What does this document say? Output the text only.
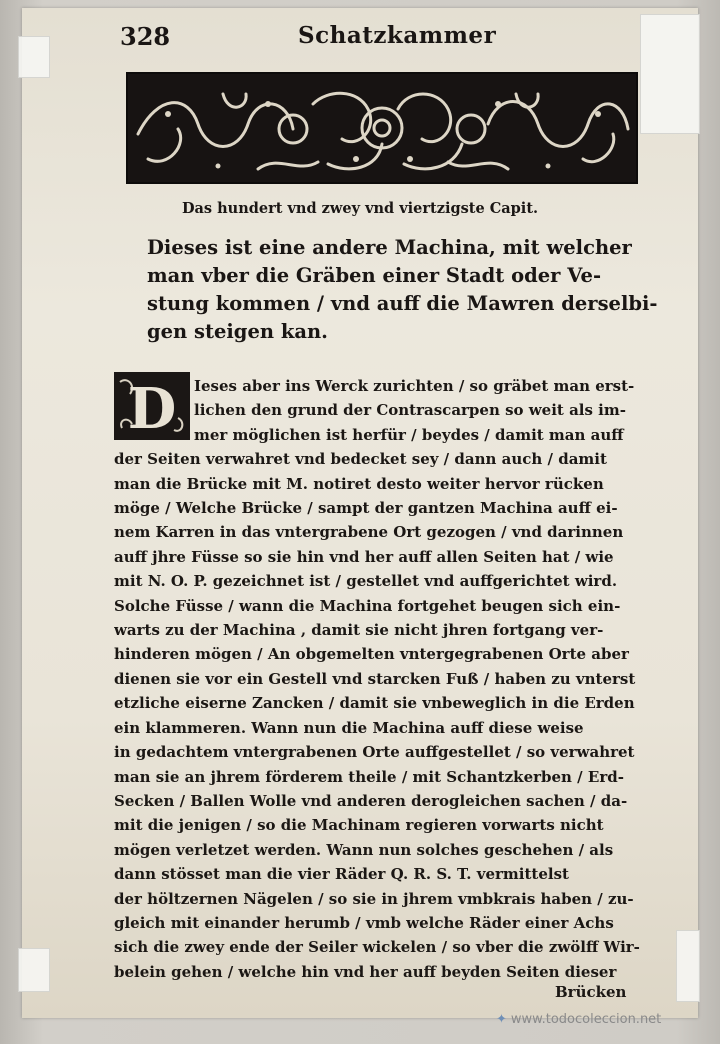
328	Schatzkammer
Das hundert vnd zwey vnd viertzigste Capit.
Dieses ist eine andere Machina, mit welcher
man vber die Gräben einer Stadt oder Ve-
stung kommen / vnd auff die Mawren derselbi-
gen steigen kan.
D	Ieses aber ins Werck zurichten / so gräbet man erst-
lichen den grund der Contrascarpen so weit als im-
mer möglichen ist herfür / beydes / damit man auff
der Seiten verwahret vnd bedecket sey / dann auch / damit
man die Brücke mit M. notiret desto weiter hervor rücken
möge / Welche Brücke / sampt der gantzen Machina auff ei-
nem Karren in das vntergrabene Ort gezogen / vnd darinnen
auff jhre Füsse so sie hin vnd her auff allen Seiten hat / wie
mit N. O. P. gezeichnet ist / gestellet vnd auffgerichtet wird.
Solche Füsse / wann die Machina fortgehet beugen sich ein-
warts zu der Machina , damit sie nicht jhren fortgang ver-
hinderen mögen / An obgemelten vntergegrabenen Orte aber
dienen sie vor ein Gestell vnd starcken Fuß / haben zu vnterst
etzliche eiserne Zancken / damit sie vnbeweglich in die Erden
ein klammeren. Wann nun die Machina auff diese weise
in gedachtem vntergrabenen Orte auffgestellet / so verwahret
man sie an jhrem förderem theile / mit Schantzkerben / Erd-
Secken / Ballen Wolle vnd anderen derogleichen sachen / da-
mit die jenigen / so die Machinam regieren vorwarts nicht
mögen verletzet werden. Wann nun solches geschehen / als
dann stösset man die vier Räder Q. R. S. T. vermittelst
der höltzernen Nägelen / so sie in jhrem vmbkrais haben / zu-
gleich mit einander herumb / vmb welche Räder einer Achs
sich die zwey ende der Seiler wickelen / so vber die zwölff Wir-
belein gehen / welche hin vnd her auff beyden Seiten dieser
Brücken
✦ www.todocoleccion.net
